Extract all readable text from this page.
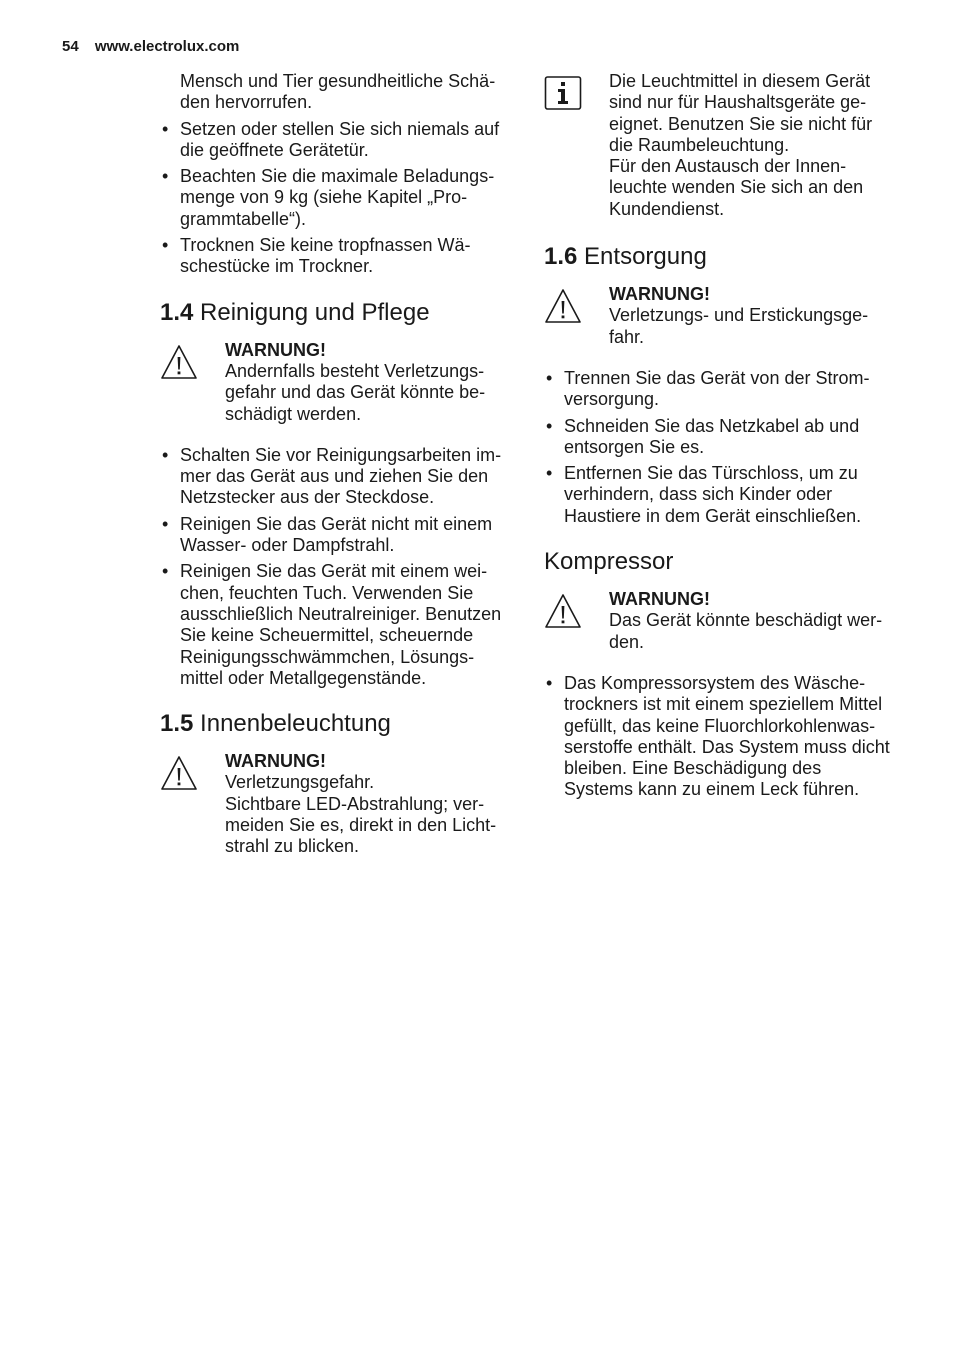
54 www.electrolux.com

Mensch und Tier gesundheitliche Schä-den hervorrufen.

• Setzen oder stellen Sie sich niemals auf die geöffnete Gerätetür.
• Beachten Sie die maximale Beladungs-menge von 9 kg (siehe Kapitel „Pro-grammtabelle“).
• Trocknen Sie keine tropfnassen Wä-schestücke im Trockner.
1.4 Reinigung und Pflege
WARNUNG!

Andernfalls besteht Verletzungs-gefahr und das Gerät könnte be-schädigt werden.

• Schalten Sie vor Reinigungsarbeiten im-mer das Gerät aus und ziehen Sie den Netzstecker aus der Steckdose.
• Reinigen Sie das Gerät nicht mit einem Wasser- oder Dampfstrahl.
• Reinigen Sie das Gerät mit einem wei-chen, feuchten Tuch. Verwenden Sie ausschließlich Neutralreiniger. Benutzen Sie keine Scheuermittel, scheuernde Reinigungsschwämmchen, Lösungs-mittel oder Metallgegenstände.
1.5 Innenbeleuchtung
WARNUNG!

Verletzungsgefahr.

Sichtbare LED-Abstrahlung; ver-meiden Sie es, direkt in den Licht-strahl zu blicken.

Die Leuchtmittel in diesem Gerät sind nur für Haushaltsgeräte ge-eignet. Benutzen Sie sie nicht für die Raumbeleuchtung.

Für den Austausch der Innen-leuchte wenden Sie sich an den Kundendienst.

1.6 Entsorgung
WARNUNG!

Verletzungs- und Erstickungsge-fahr.

• Trennen Sie das Gerät von der Strom-versorgung.
• Schneiden Sie das Netzkabel ab und entsorgen Sie es.
• Entfernen Sie das Türschloss, um zu verhindern, dass sich Kinder oder Haustiere in dem Gerät einschließen.
Kompressor
WARNUNG!

Das Gerät könnte beschädigt wer-den.

• Das Kompressorsystem des Wäsche-trockners ist mit einem speziellem Mittel gefüllt, das keine Fluorchlorkohlenwas-serstoffe enthält. Das System muss dicht bleiben. Eine Beschädigung des Systems kann zu einem Leck führen.
